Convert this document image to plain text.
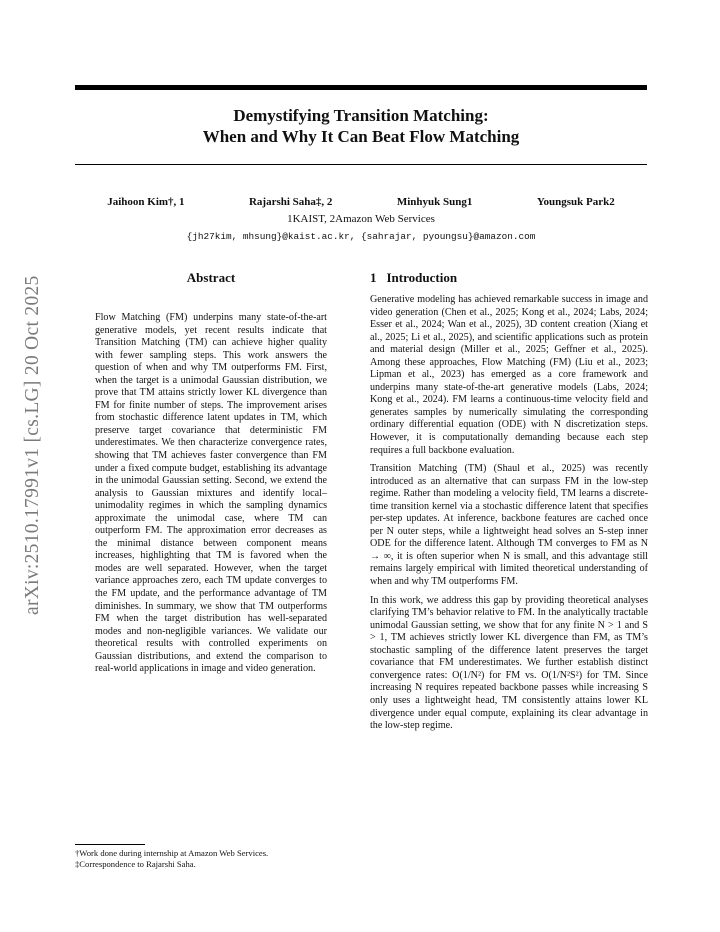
arXiv:2510.17991v1 [cs.LG] 20 Oct 2025
Demystifying Transition Matching:
When and Why It Can Beat Flow Matching
Jaihoon Kim†, 1	Rajarshi Saha‡, 2	Minhyuk Sung1	Youngsuk Park2
1KAIST, 2Amazon Web Services
{jh27kim, mhsung}@kaist.ac.kr, {sahrajar, pyoungsu}@amazon.com
Abstract
Flow Matching (FM) underpins many state-of-the-art generative models, yet recent results indicate that Transition Matching (TM) can achieve higher quality with fewer sampling steps. This work answers the question of when and why TM outperforms FM. First, when the target is a unimodal Gaussian distribution, we prove that TM attains strictly lower KL divergence than FM for finite number of steps. The improvement arises from stochastic difference latent updates in TM, which preserve target covariance that deterministic FM underestimates. We then characterize convergence rates, showing that TM achieves faster convergence than FM under a fixed compute budget, establishing its advantage in the unimodal Gaussian setting. Second, we extend the analysis to Gaussian mixtures and identify local–unimodality regimes in which the sampling dynamics approximate the unimodal case, where TM can outperform FM. The approximation error decreases as the minimal distance between component means increases, highlighting that TM is favored when the modes are well separated. However, when the target variance approaches zero, each TM update converges to the FM update, and the performance advantage of TM diminishes. In summary, we show that TM outperforms FM when the target distribution has well-separated modes and non-negligible variances. We validate our theoretical results with controlled experiments on Gaussian distributions, and extend the comparison to real-world applications in image and video generation.
1 Introduction

Generative modeling has achieved remarkable success in image and video generation (Chen et al., 2025; Kong et al., 2024; Labs, 2024; Esser et al., 2024; Wan et al., 2025), 3D content creation (Xiang et al., 2025; Li et al., 2025), and scientific applications such as protein and material design (Miller et al., 2025; Geffner et al., 2025). Among these approaches, Flow Matching (FM) (Liu et al., 2023; Lipman et al., 2023) has emerged as a core framework and underpins many state-of-the-art generative models (Labs, 2024; Kong et al., 2024). FM learns a continuous-time velocity field and generates samples by numerically simulating the corresponding ordinary differential equation (ODE) with N discretization steps. However, it is computationally demanding because each step requires a full backbone evaluation.

Transition Matching (TM) (Shaul et al., 2025) was recently introduced as an alternative that can surpass FM in the low-step regime. Rather than modeling a velocity field, TM learns a discrete-time transition kernel via a stochastic difference latent that specifies per-step updates. At inference, backbone features are cached once per N outer steps, while a lightweight head solves an S-step inner ODE for the difference latent. Although TM converges to FM as N → ∞, it is often superior when N is small, and this advantage still remains largely empirical with limited theoretical understanding of when and why TM outperforms FM.

In this work, we address this gap by providing theoretical analyses clarifying TM’s behavior relative to FM. In the analytically tractable unimodal Gaussian setting, we show that for any finite N > 1 and S > 1, TM achieves strictly lower KL divergence than FM, as TM’s stochastic sampling of the difference latent preserves the target covariance that FM underestimates. We further establish distinct convergence rates: O(1/N²) for FM vs. O(1/N²S²) for TM. Since increasing N requires repeated backbone passes while increasing S only uses a lightweight head, TM consistently attains lower KL divergence under equal compute, explaining its clear advantage in the low-step regime.

†Work done during internship at Amazon Web Services.
‡Correspondence to Rajarshi Saha.
